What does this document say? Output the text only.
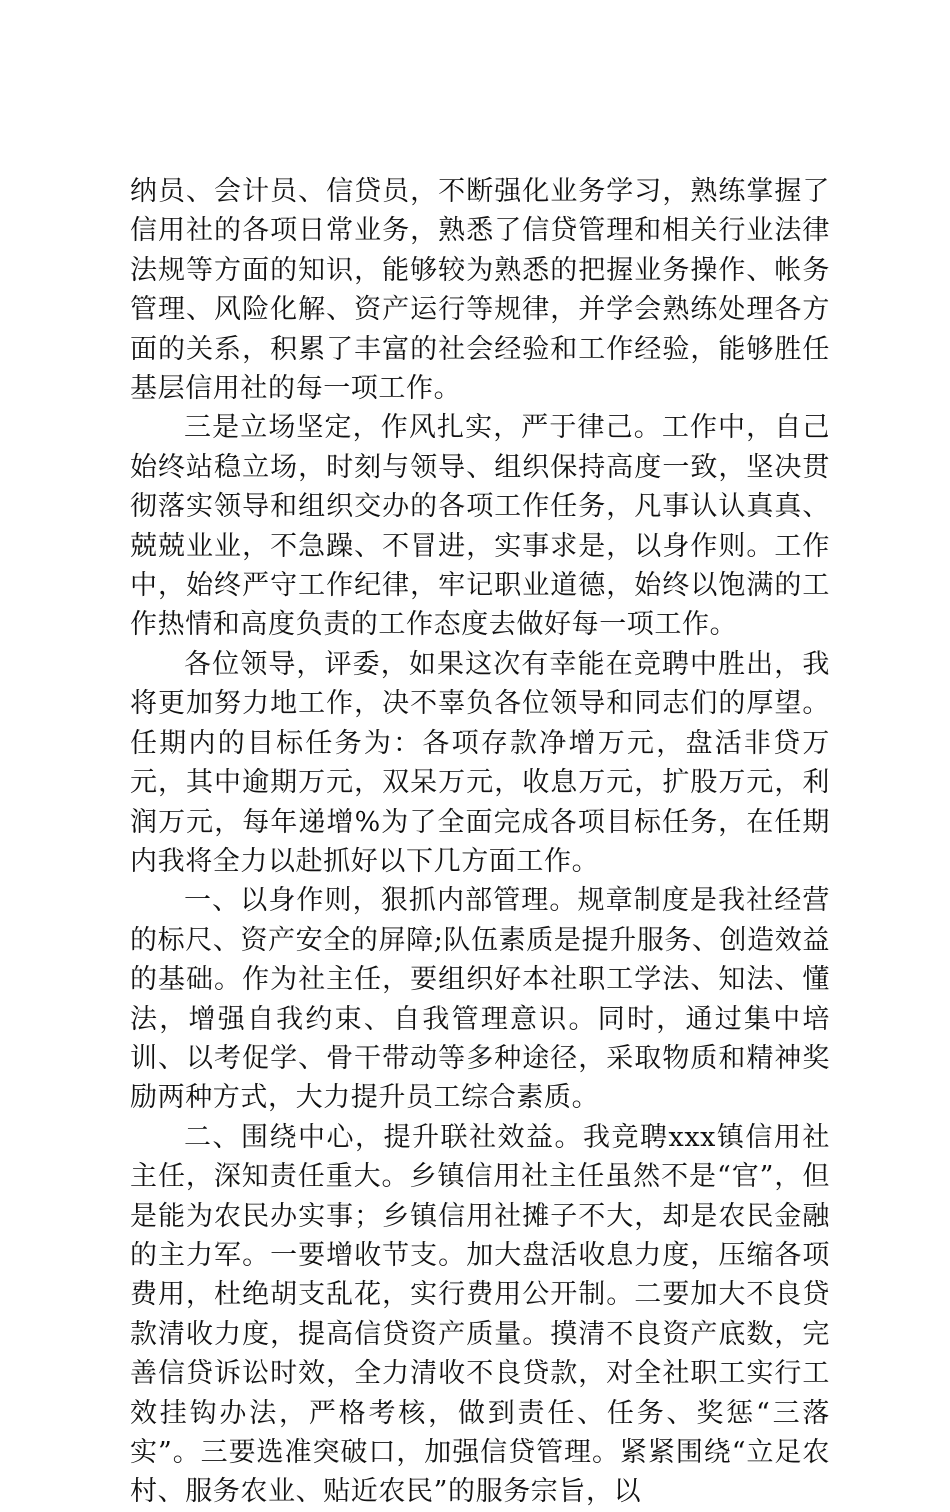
纳员、会计员、信贷员，不断强化业务学习，熟练掌握了信用社的各项日常业务，熟悉了信贷管理和相关行业法律法规等方面的知识，能够较为熟悉的把握业务操作、帐务管理、风险化解、资产运行等规律，并学会熟练处理各方面的关系，积累了丰富的社会经验和工作经验，能够胜任基层信用社的每一项工作。

三是立场坚定，作风扎实，严于律己。工作中，自己始终站稳立场，时刻与领导、组织保持高度一致，坚决贯彻落实领导和组织交办的各项工作任务，凡事认认真真、兢兢业业，不急躁、不冒进，实事求是，以身作则。工作中，始终严守工作纪律，牢记职业道德，始终以饱满的工作热情和高度负责的工作态度去做好每一项工作。

各位领导，评委，如果这次有幸能在竞聘中胜出，我将更加努力地工作，决不辜负各位领导和同志们的厚望。任期内的目标任务为：各项存款净增万元，盘活非贷万元，其中逾期万元，双呆万元，收息万元，扩股万元，利润万元，每年递增%为了全面完成各项目标任务，在任期内我将全力以赴抓好以下几方面工作。

一、以身作则，狠抓内部管理。规章制度是我社经营的标尺、资产安全的屏障;队伍素质是提升服务、创造效益的基础。作为社主任，要组织好本社职工学法、知法、懂法，增强自我约束、自我管理意识。同时，通过集中培训、以考促学、骨干带动等多种途径，采取物质和精神奖励两种方式，大力提升员工综合素质。

二、围绕中心，提升联社效益。我竞聘xxx镇信用社主任，深知责任重大。乡镇信用社主任虽然不是“官”，但是能为农民办实事；乡镇信用社摊子不大，却是农民金融的主力军。一要增收节支。加大盘活收息力度，压缩各项费用，杜绝胡支乱花，实行费用公开制。二要加大不良贷款清收力度，提高信贷资产质量。摸清不良资产底数，完善信贷诉讼时效，全力清收不良贷款，对全社职工实行工效挂钩办法，严格考核，做到责任、任务、奖惩“三落实”。三要选准突破口，加强信贷管理。紧紧围绕“立足农村、服务农业、贴近农民”的服务宗旨，以
